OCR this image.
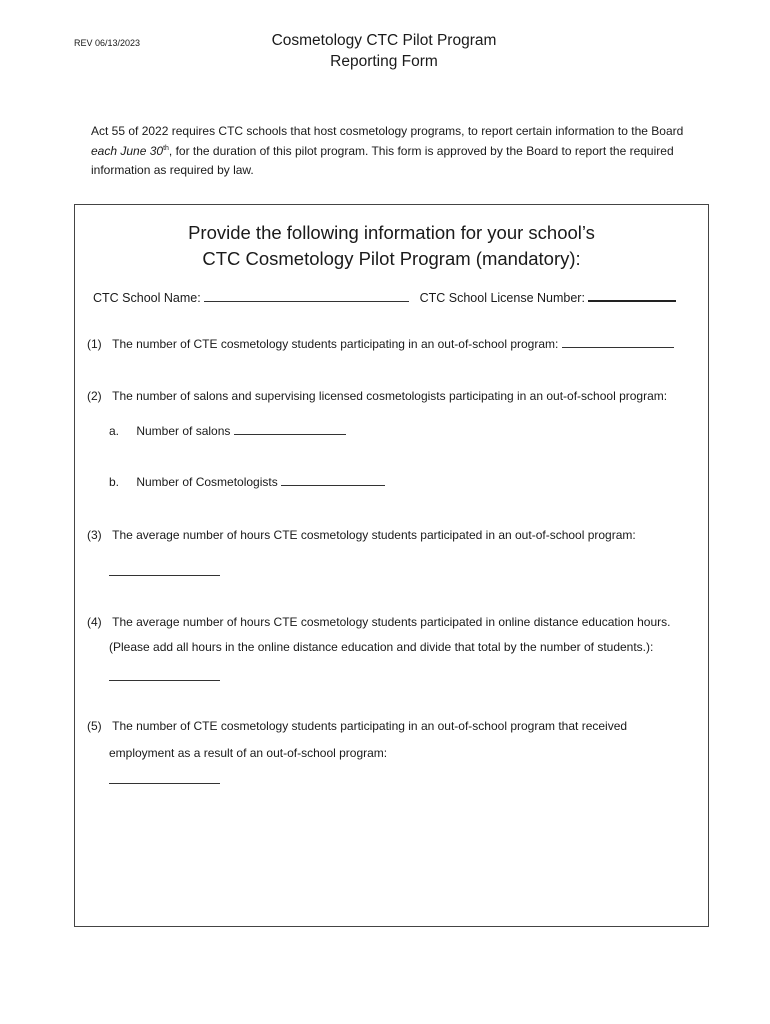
REV 06/13/2023	Cosmetology CTC Pilot Program
Reporting Form
Act 55 of 2022 requires CTC schools that host cosmetology programs, to report certain information to the Board each June 30th, for the duration of this pilot program. This form is approved by the Board to report the required information as required by law.
Provide the following information for your school’s
CTC Cosmetology Pilot Program (mandatory):
CTC School Name:	CTC School License Number:
(1) The number of CTE cosmetology students participating in an out-of-school program:
(2) The number of salons and supervising licensed cosmetologists participating in an out-of-school program:
a. Number of salons
b. Number of Cosmetologists
(3) The average number of hours CTE cosmetology students participated in an out-of-school program:
(4) The average number of hours CTE cosmetology students participated in online distance education hours.
(Please add all hours in the online distance education and divide that total by the number of students.):
(5) The number of CTE cosmetology students participating in an out-of-school program that received
employment as a result of an out-of-school program:
